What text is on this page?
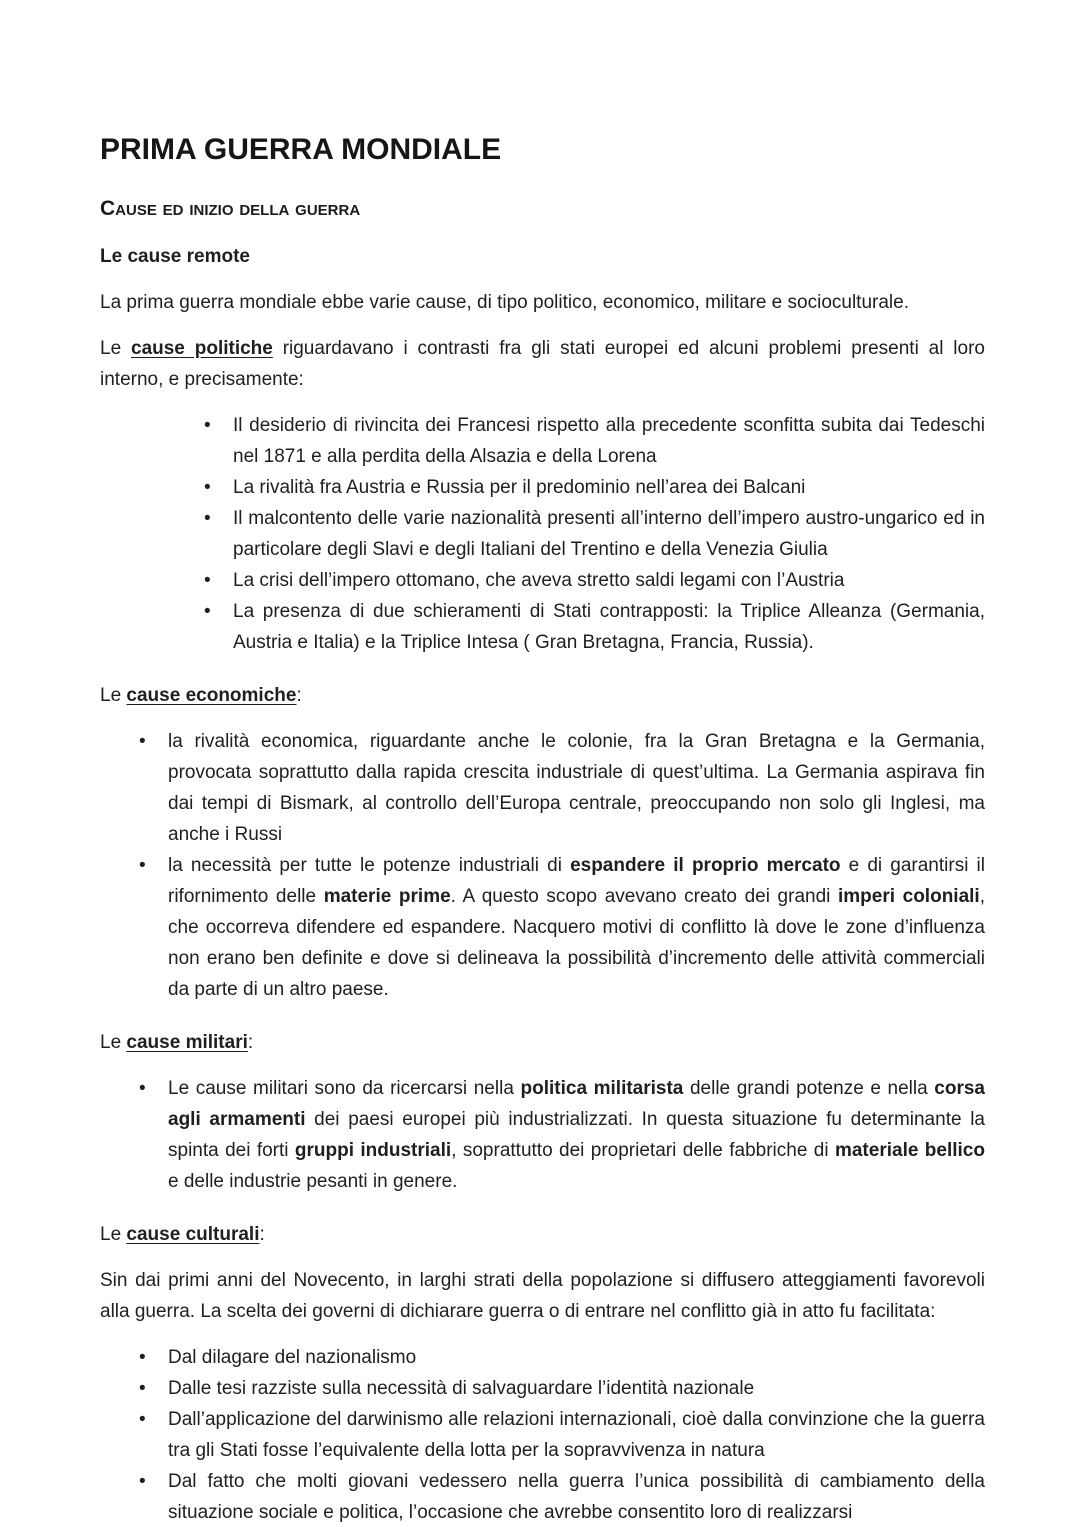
PRIMA GUERRA MONDIALE
Cause ed inizio della guerra

Le cause remote

La prima guerra mondiale ebbe varie cause, di tipo politico, economico, militare e socioculturale.

Le cause politiche riguardavano i contrasti fra gli stati europei ed alcuni problemi presenti al loro interno, e precisamente:

• Il desiderio di rivincita dei Francesi rispetto alla precedente sconfitta subita dai Tedeschi nel 1871 e alla perdita della Alsazia e della Lorena
• La rivalità fra Austria e Russia per il predominio nell’area dei Balcani
• Il malcontento delle varie nazionalità presenti all’interno dell’impero austro-ungarico ed in particolare degli Slavi e degli Italiani del Trentino e della Venezia Giulia
• La crisi dell’impero ottomano, che aveva stretto saldi legami con l’Austria
• La presenza di due schieramenti di Stati contrapposti: la Triplice Alleanza (Germania, Austria e Italia) e la Triplice Intesa ( Gran Bretagna, Francia, Russia).

Le cause economiche:

• la rivalità economica, riguardante anche le colonie, fra la Gran Bretagna e la Germania, provocata soprattutto dalla rapida crescita industriale di quest’ultima. La Germania aspirava fin dai tempi di Bismark, al controllo dell’Europa centrale, preoccupando non solo gli Inglesi, ma anche i Russi
• la necessità per tutte le potenze industriali di espandere il proprio mercato e di garantirsi il rifornimento delle materie prime. A questo scopo avevano creato dei grandi imperi coloniali, che occorreva difendere ed espandere. Nacquero motivi di conflitto là dove le zone d’influenza non erano ben definite e dove si delineava la possibilità d’incremento delle attività commerciali da parte di un altro paese.

Le cause militari:

• Le cause militari sono da ricercarsi nella politica militarista delle grandi potenze e nella corsa agli armamenti dei paesi europei più industrializzati. In questa situazione fu determinante la spinta dei forti gruppi industriali, soprattutto dei proprietari delle fabbriche di materiale bellico e delle industrie pesanti in genere.

Le cause culturali:

Sin dai primi anni del Novecento, in larghi strati della popolazione si diffusero atteggiamenti favorevoli alla guerra. La scelta dei governi di dichiarare guerra o di entrare nel conflitto già in atto fu facilitata:

• Dal dilagare del nazionalismo
• Dalle tesi razziste sulla necessità di salvaguardare l’identità nazionale
• Dall’applicazione del darwinismo alle relazioni internazionali, cioè dalla convinzione che la guerra tra gli Stati fosse l’equivalente della lotta per la sopravvivenza in natura
• Dal fatto che molti giovani vedessero nella guerra l’unica possibilità di cambiamento della situazione sociale e politica, l’occasione che avrebbe consentito loro di realizzarsi
